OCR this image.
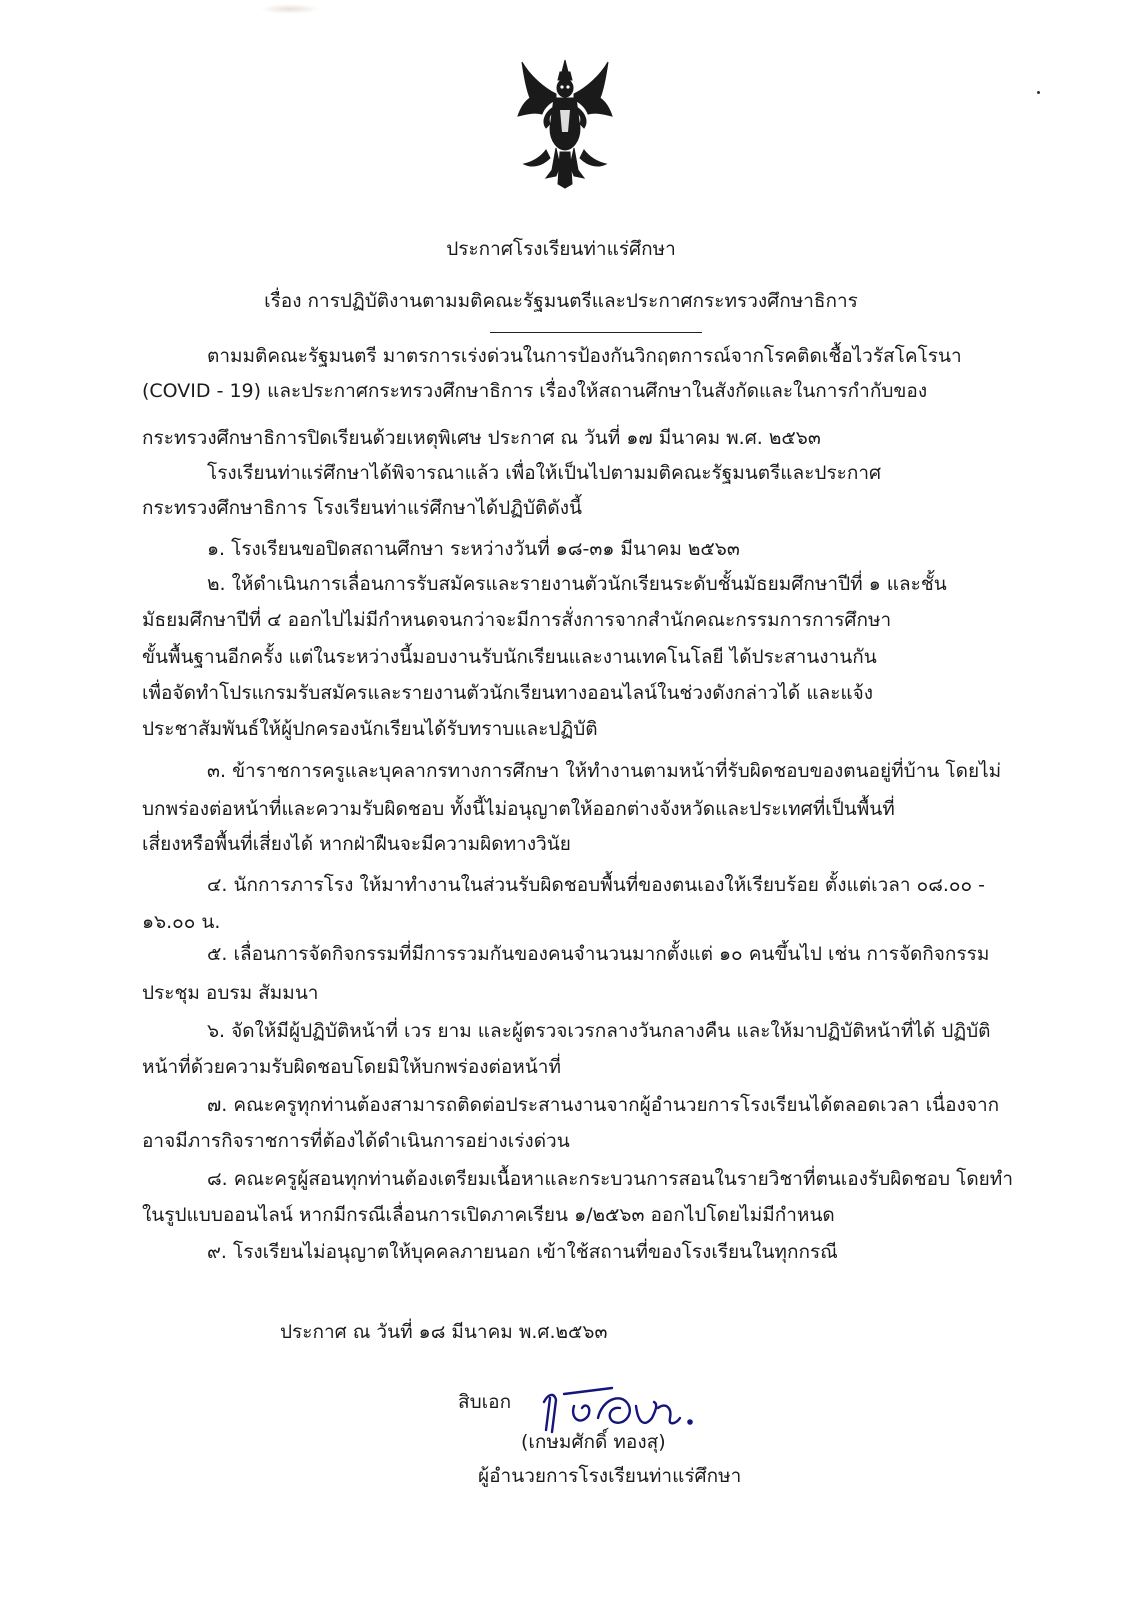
ประกาศโรงเรียนท่าแร่ศึกษา
เรื่อง การปฏิบัติงานตามมติคณะรัฐมนตรีและประกาศกระทรวงศึกษาธิการ
ตามมติคณะรัฐมนตรี มาตรการเร่งด่วนในการป้องกันวิกฤตการณ์จากโรคติดเชื้อไวรัสโคโรนา
(COVID - 19) และประกาศกระทรวงศึกษาธิการ เรื่องให้สถานศึกษาในสังกัดและในการกำกับของ
กระทรวงศึกษาธิการปิดเรียนด้วยเหตุพิเศษ ประกาศ ณ วันที่ ๑๗ มีนาคม พ.ศ. ๒๕๖๓
โรงเรียนท่าแร่ศึกษาได้พิจารณาแล้ว เพื่อให้เป็นไปตามมติคณะรัฐมนตรีและประกาศ
กระทรวงศึกษาธิการ โรงเรียนท่าแร่ศึกษาได้ปฏิบัติดังนี้
๑. โรงเรียนขอปิดสถานศึกษา ระหว่างวันที่ ๑๘-๓๑ มีนาคม ๒๕๖๓
๒. ให้ดำเนินการเลื่อนการรับสมัครและรายงานตัวนักเรียนระดับชั้นมัธยมศึกษาปีที่ ๑ และชั้น
มัธยมศึกษาปีที่ ๔ ออกไปไม่มีกำหนดจนกว่าจะมีการสั่งการจากสำนักคณะกรรมการการศึกษา
ขั้นพื้นฐานอีกครั้ง แต่ในระหว่างนี้มอบงานรับนักเรียนและงานเทคโนโลยี ได้ประสานงานกัน
เพื่อจัดทำโปรแกรมรับสมัครและรายงานตัวนักเรียนทางออนไลน์ในช่วงดังกล่าวได้ และแจ้ง
ประชาสัมพันธ์ให้ผู้ปกครองนักเรียนได้รับทราบและปฏิบัติ
๓. ข้าราชการครูและบุคลากรทางการศึกษา ให้ทำงานตามหน้าที่รับผิดชอบของตนอยู่ที่บ้าน โดยไม่
บกพร่องต่อหน้าที่และความรับผิดชอบ ทั้งนี้ไม่อนุญาตให้ออกต่างจังหวัดและประเทศที่เป็นพื้นที่
เสี่ยงหรือพื้นที่เสี่ยงได้ หากฝ่าฝืนจะมีความผิดทางวินัย
๔. นักการภารโรง ให้มาทำงานในส่วนรับผิดชอบพื้นที่ของตนเองให้เรียบร้อย ตั้งแต่เวลา ๐๘.๐๐ -
๑๖.๐๐ น.
๕. เลื่อนการจัดกิจกรรมที่มีการรวมกันของคนจำนวนมากตั้งแต่ ๑๐ คนขึ้นไป เช่น การจัดกิจกรรม
ประชุม อบรม สัมมนา
๖. จัดให้มีผู้ปฏิบัติหน้าที่ เวร ยาม และผู้ตรวจเวรกลางวันกลางคืน และให้มาปฏิบัติหน้าที่ได้ ปฏิบัติ
หน้าที่ด้วยความรับผิดชอบโดยมิให้บกพร่องต่อหน้าที่
๗. คณะครูทุกท่านต้องสามารถติดต่อประสานงานจากผู้อำนวยการโรงเรียนได้ตลอดเวลา เนื่องจาก
อาจมีภารกิจราชการที่ต้องได้ดำเนินการอย่างเร่งด่วน
๘. คณะครูผู้สอนทุกท่านต้องเตรียมเนื้อหาและกระบวนการสอนในรายวิชาที่ตนเองรับผิดชอบ โดยทำ
ในรูปแบบออนไลน์ หากมีกรณีเลื่อนการเปิดภาคเรียน ๑/๒๕๖๓ ออกไปโดยไม่มีกำหนด
๙. โรงเรียนไม่อนุญาตให้บุคคลภายนอก เข้าใช้สถานที่ของโรงเรียนในทุกกรณี
ประกาศ ณ วันที่ ๑๘ มีนาคม พ.ศ.๒๕๖๓
สิบเอก
(เกษมศักดิ์ ทองสุ)
ผู้อำนวยการโรงเรียนท่าแร่ศึกษา
